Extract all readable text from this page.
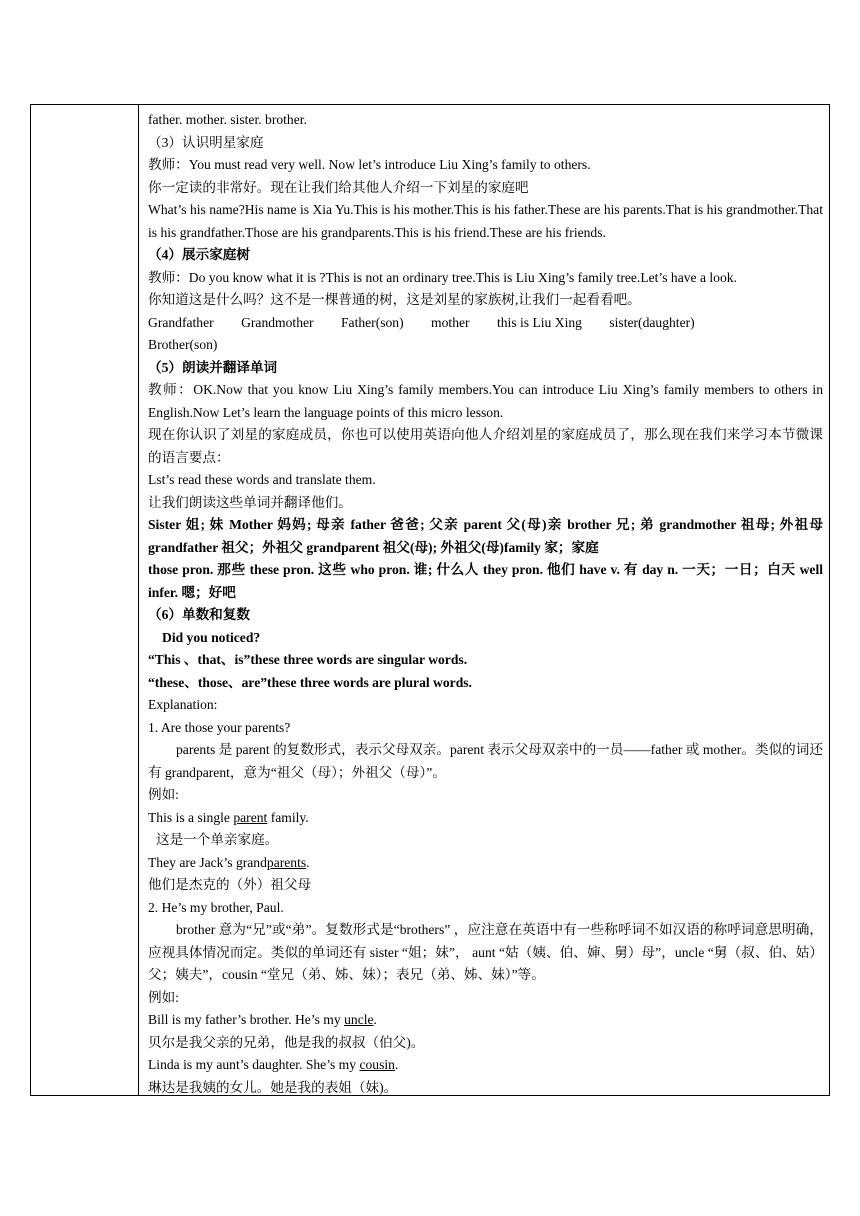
father. mother. sister. brother.

（3）认识明星家庭

教师：You must read very well. Now let’s introduce Liu Xing’s family to others.

你一定读的非常好。现在让我们给其他人介绍一下刘星的家庭吧

What’s his name?His name is Xia Yu.This is his mother.This is his father.These are his parents.That is his grandmother.That is his grandfather.Those are his grandparents.This is his friend.These are his friends.

（4）展示家庭树

教师：Do you know what it is ?This is not an ordinary tree.This is Liu Xing’s family tree.Let’s have a look.

你知道这是什么吗？这不是一棵普通的树，这是刘星的家族树,让我们一起看看吧。

Grandfather Grandmother Father(son) mother this is Liu Xing sister(daughter)

Brother(son)

（5）朗读并翻译单词

教师：OK.Now that you know Liu Xing’s family members.You can introduce Liu Xing’s family members to others in English.Now Let’s learn the language points of this micro lesson.

现在你认识了刘星的家庭成员，你也可以使用英语向他人介绍刘星的家庭成员了，那么现在我们来学习本节微课的语言要点：

Lst’s read these words and translate them.

让我们朗读这些单词并翻译他们。

Sister 姐; 妹 Mother 妈妈; 母亲 father 爸爸; 父亲 parent 父(母)亲 brother 兄; 弟 grandmother 祖母; 外祖母 grandfather 祖父；外祖父 grandparent 祖父(母); 外祖父(母)family 家；家庭

those pron. 那些 these pron. 这些 who pron. 谁; 什么人 they pron. 他们 have v. 有 day n. 一天；一日；白天 well infer. 嗯；好吧

（6）单数和复数

Did you noticed?

“This 、that、is”these three words are singular words.

“these、those、are”these three words are plural words.

Explanation:

1. Are those your parents?

parents 是 parent 的复数形式，表示父母双亲。parent 表示父母双亲中的一员——father 或 mother。类似的词还有 grandparent，意为“祖父（母）；外祖父（母）”。

例如:

This is a single parent family.

这是一个单亲家庭。

They are Jack’s grandparents.

他们是杰克的（外）祖父母

2. He’s my brother, Paul.

brother 意为“兄”或“弟”。复数形式是“brothers” ，应注意在英语中有一些称呼词不如汉语的称呼词意思明确，应视具体情况而定。类似的单词还有 sister “姐；妹”， aunt “姑（姨、伯、婶、舅）母”，uncle “舅（叔、伯、姑）父；姨夫”，cousin “堂兄（弟、姊、妹）；表兄（弟、姊、妹）”等。

例如:

Bill is my father’s brother. He’s my uncle.

贝尔是我父亲的兄弟，他是我的叔叔（伯父)。

Linda is my aunt’s daughter. She’s my cousin.

琳达是我姨的女儿。她是我的表姐（妹)。
